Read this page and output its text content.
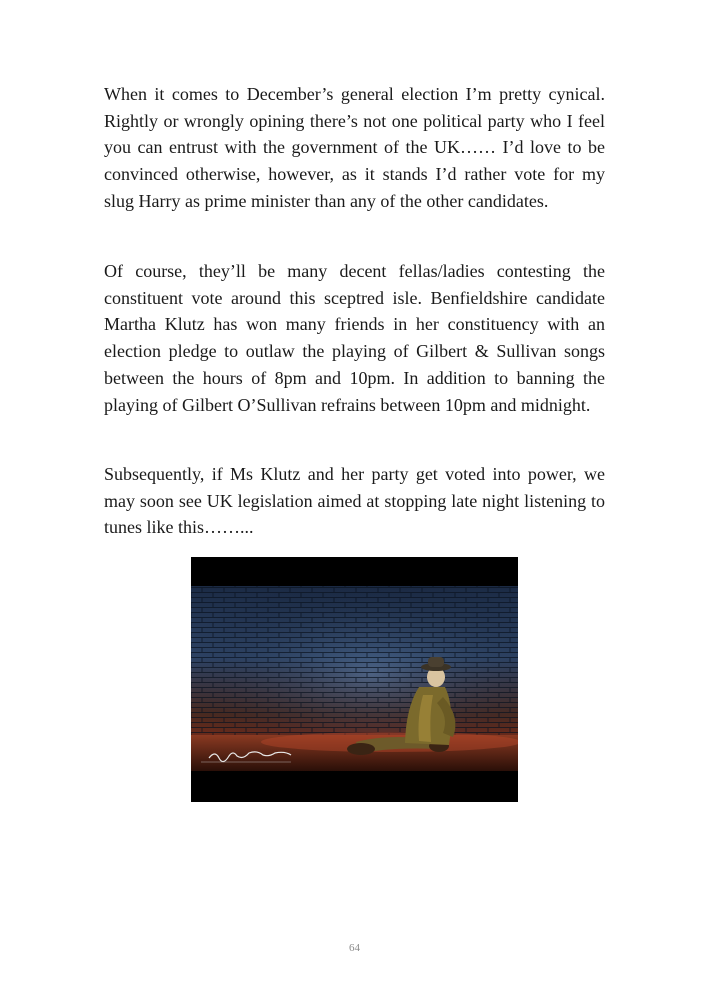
When it comes to December’s general election I’m pretty cynical. Rightly or wrongly opining there’s not one political party who I feel you can entrust with the government of the UK…… I’d love to be convinced otherwise, however, as it stands I’d rather vote for my slug Harry as prime minister than any of the other candidates.

Of course, they’ll be many decent fellas/ladies contesting the constituent vote around this sceptred isle. Benfieldshire candidate Martha Klutz has won many friends in her constituency with an election pledge to outlaw the playing of Gilbert & Sullivan songs between the hours of 8pm and 10pm. In addition to banning the playing of Gilbert O’Sullivan refrains between 10pm and midnight.

Subsequently, if Ms Klutz and her party get voted into power, we may soon see UK legislation aimed at stopping late night listening to tunes like this……...

64
